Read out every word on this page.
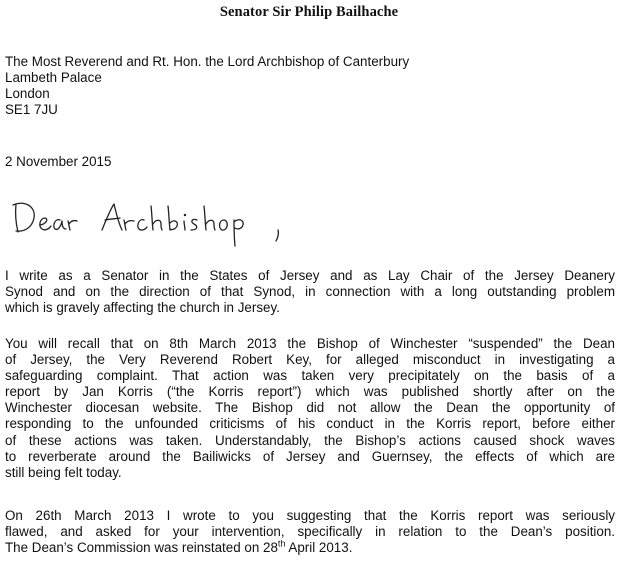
Senator Sir Philip Bailhache
The Most Reverend and Rt. Hon. the Lord Archbishop of Canterbury
Lambeth Palace
London
SE1 7JU
2 November 2015
I write as a Senator in the States of Jersey and as Lay Chair of the Jersey Deanery
Synod and on the direction of that Synod, in connection with a long outstanding problem
which is gravely affecting the church in Jersey.
You will recall that on 8th March 2013 the Bishop of Winchester “suspended” the Dean
of Jersey, the Very Reverend Robert Key, for alleged misconduct in investigating a
safeguarding complaint. That action was taken very precipitately on the basis of a
report by Jan Korris (“the Korris report”) which was published shortly after on the
Winchester diocesan website. The Bishop did not allow the Dean the opportunity of
responding to the unfounded criticisms of his conduct in the Korris report, before either
of these actions was taken. Understandably, the Bishop’s actions caused shock waves
to reverberate around the Bailiwicks of Jersey and Guernsey, the effects of which are
still being felt today.
On 26th March 2013 I wrote to you suggesting that the Korris report was seriously
flawed, and asked for your intervention, specifically in relation to the Dean’s position.
The Dean’s Commission was reinstated on 28th April 2013.
